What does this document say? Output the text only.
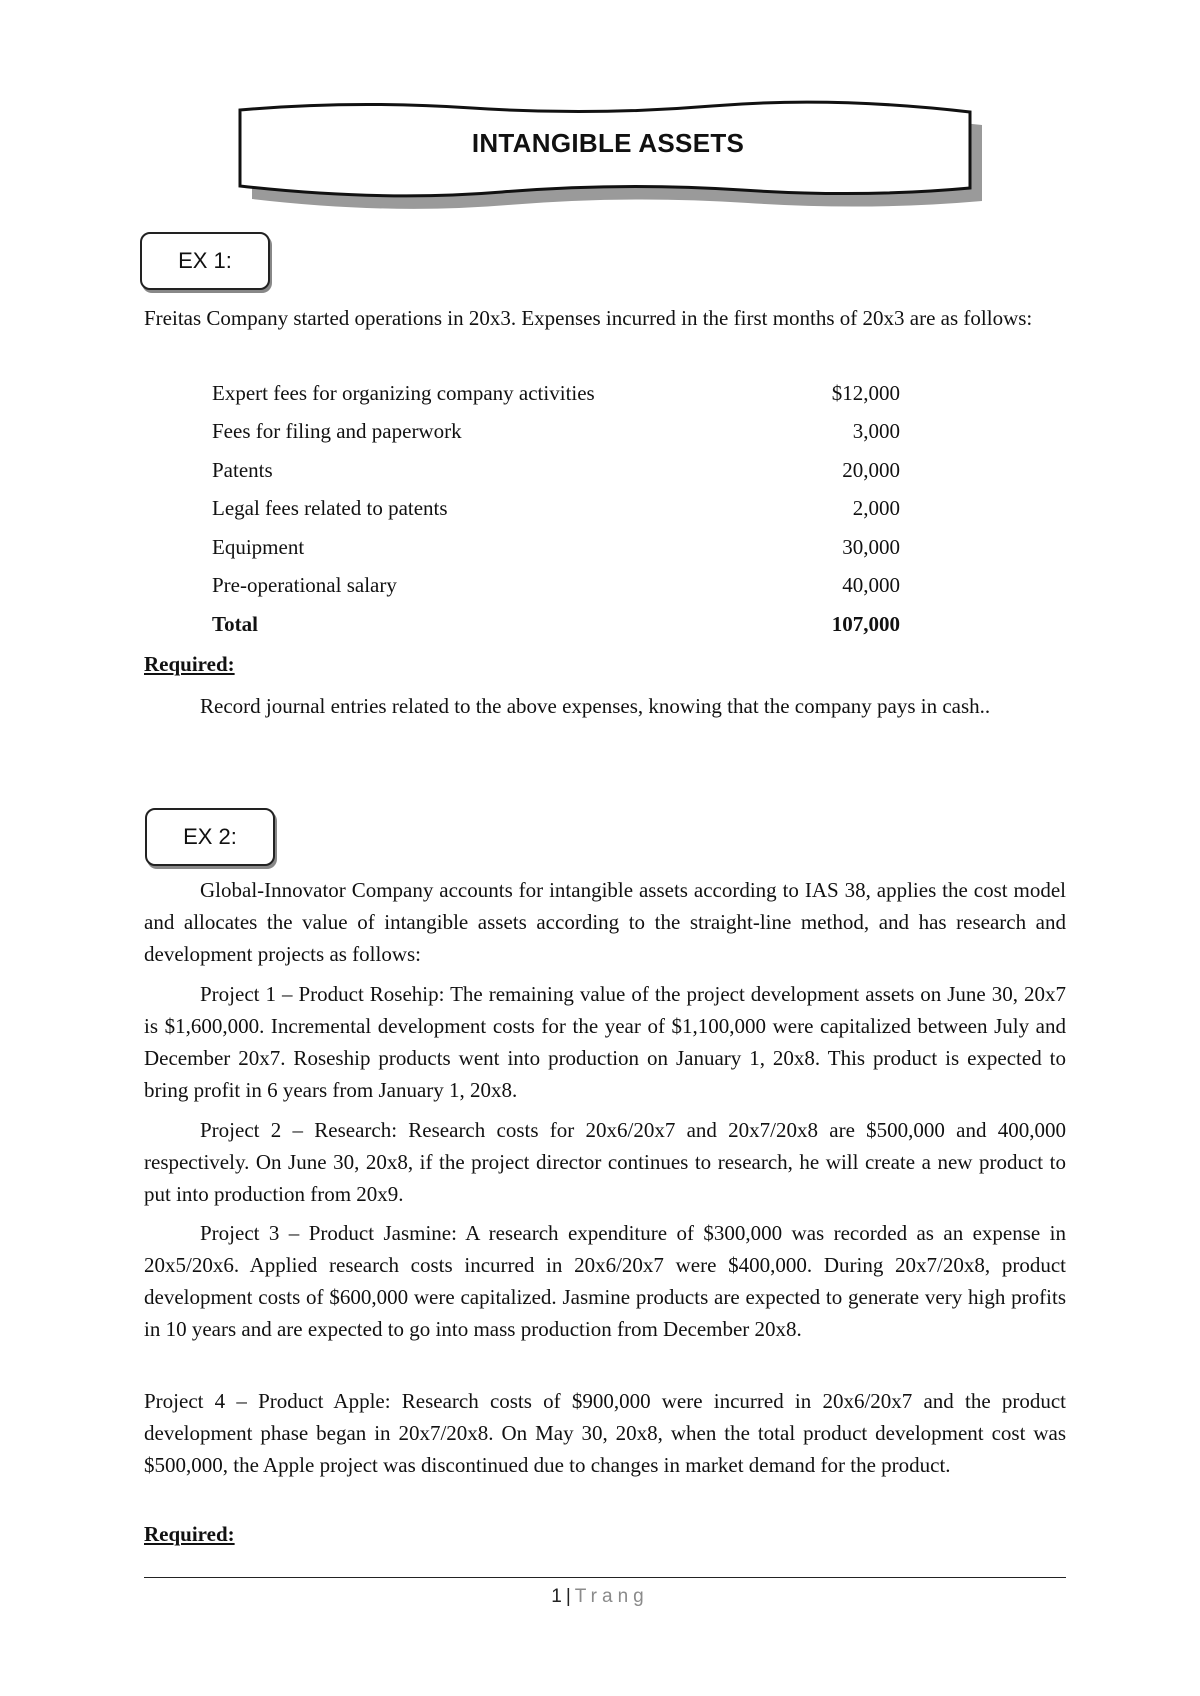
INTANGIBLE ASSETS
EX 1:

Freitas Company started operations in 20x3. Expenses incurred in the first months of 20x3 are as follows:

Expert fees for organizing company activities	$12,000
Fees for filing and paperwork	3,000
Patents	20,000
Legal fees related to patents	2,000
Equipment	30,000
Pre-operational salary	40,000
Total	107,000

Required:

Record journal entries related to the above expenses, knowing that the company pays in cash..

EX 2:

Global-Innovator Company accounts for intangible assets according to IAS 38, applies the cost model and allocates the value of intangible assets according to the straight-line method, and has research and development projects as follows:

Project 1 – Product Rosehip: The remaining value of the project development assets on June 30, 20x7 is $1,600,000. Incremental development costs for the year of $1,100,000 were capitalized between July and December 20x7. Roseship products went into production on January 1, 20x8. This product is expected to bring profit in 6 years from January 1, 20x8.

Project 2 – Research: Research costs for 20x6/20x7 and 20x7/20x8 are $500,000 and 400,000 respectively. On June 30, 20x8, if the project director continues to research, he will create a new product to put into production from 20x9.

Project 3 – Product Jasmine: A research expenditure of $300,000 was recorded as an expense in 20x5/20x6. Applied research costs incurred in 20x6/20x7 were $400,000. During 20x7/20x8, product development costs of $600,000 were capitalized. Jasmine products are expected to generate very high profits in 10 years and are expected to go into mass production from December 20x8.

Project 4 – Product Apple: Research costs of $900,000 were incurred in 20x6/20x7 and the product development phase began in 20x7/20x8. On May 30, 20x8, when the total product development cost was $500,000, the Apple project was discontinued due to changes in market demand for the product.

Required:

1 | Trang
